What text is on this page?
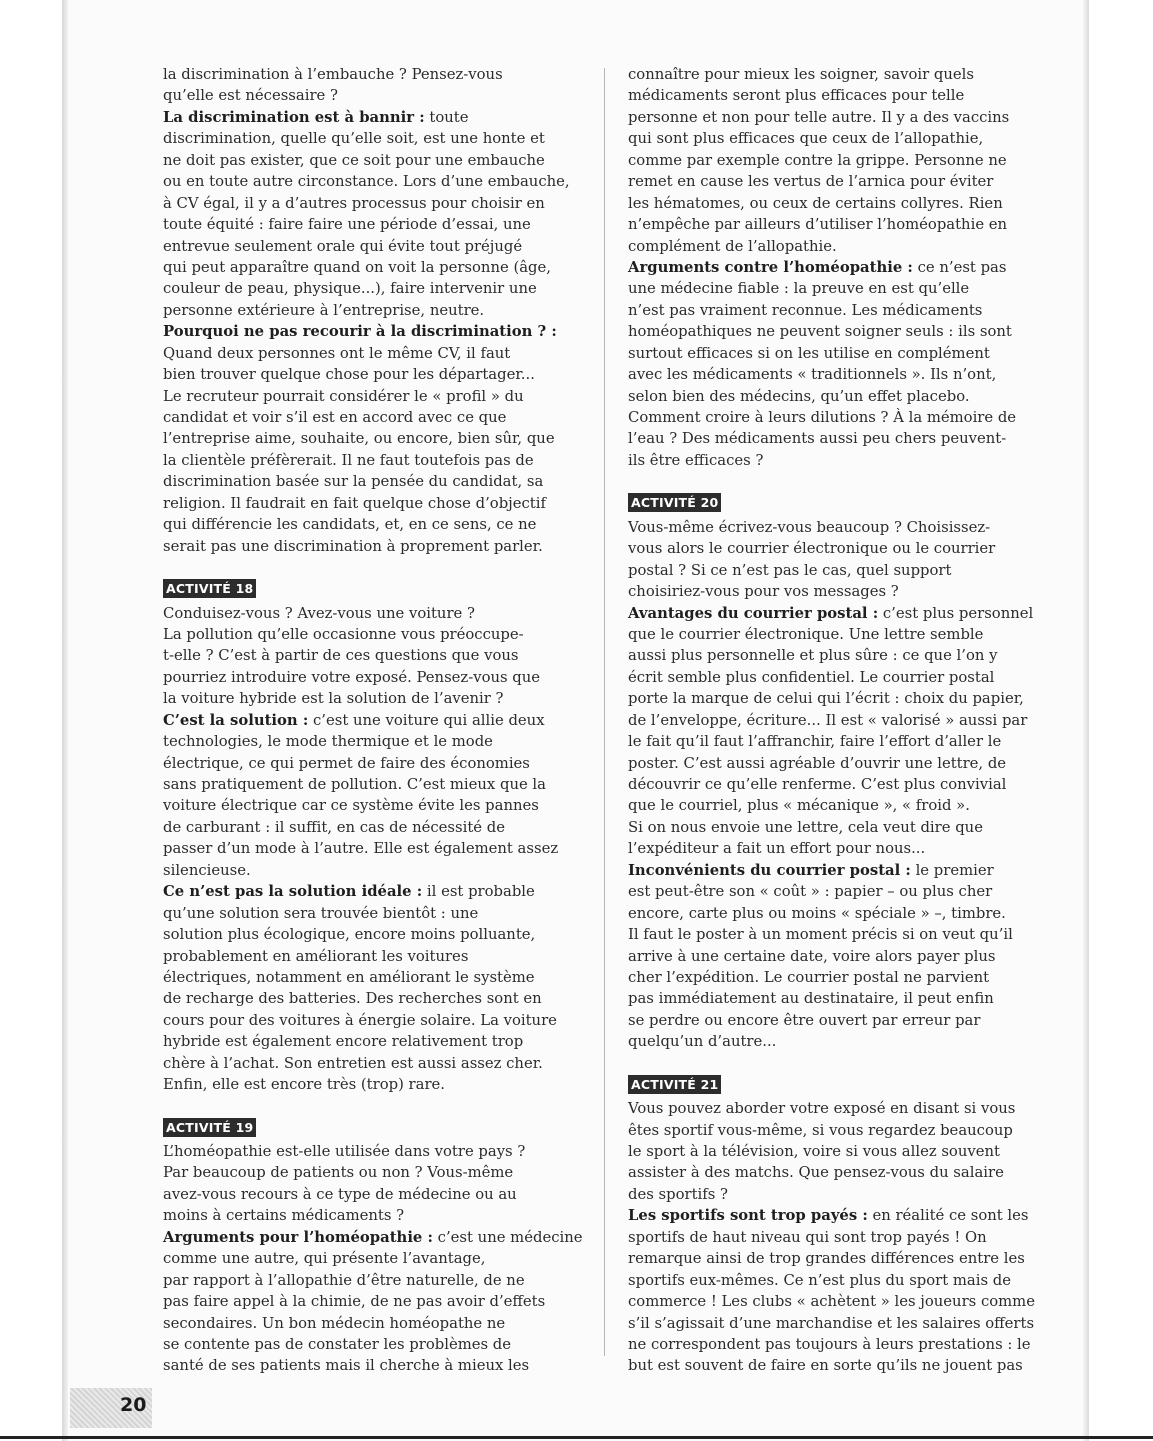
la discrimination à l’embauche ? Pensez-vous
qu’elle est nécessaire ?
La discrimination est à bannir : toute
discrimination, quelle qu’elle soit, est une honte et
ne doit pas exister, que ce soit pour une embauche
ou en toute autre circonstance. Lors d’une embauche,
à CV égal, il y a d’autres processus pour choisir en
toute équité : faire faire une période d’essai, une
entrevue seulement orale qui évite tout préjugé
qui peut apparaître quand on voit la personne (âge,
couleur de peau, physique...), faire intervenir une
personne extérieure à l’entreprise, neutre.
Pourquoi ne pas recourir à la discrimination ? :
Quand deux personnes ont le même CV, il faut
bien trouver quelque chose pour les départager...
Le recruteur pourrait considérer le « profil » du
candidat et voir s’il est en accord avec ce que
l’entreprise aime, souhaite, ou encore, bien sûr, que
la clientèle préfèrerait. Il ne faut toutefois pas de
discrimination basée sur la pensée du candidat, sa
religion. Il faudrait en fait quelque chose d’objectif
qui différencie les candidats, et, en ce sens, ce ne
serait pas une discrimination à proprement parler.
ACTIVITÉ 18
Conduisez-vous ? Avez-vous une voiture ?
La pollution qu’elle occasionne vous préoccupe-
t-elle ? C’est à partir de ces questions que vous
pourriez introduire votre exposé. Pensez-vous que
la voiture hybride est la solution de l’avenir ?
C’est la solution : c’est une voiture qui allie deux
technologies, le mode thermique et le mode
électrique, ce qui permet de faire des économies
sans pratiquement de pollution. C’est mieux que la
voiture électrique car ce système évite les pannes
de carburant : il suffit, en cas de nécessité de
passer d’un mode à l’autre. Elle est également assez
silencieuse.
Ce n’est pas la solution idéale : il est probable
qu’une solution sera trouvée bientôt : une
solution plus écologique, encore moins polluante,
probablement en améliorant les voitures
électriques, notamment en améliorant le système
de recharge des batteries. Des recherches sont en
cours pour des voitures à énergie solaire. La voiture
hybride est également encore relativement trop
chère à l’achat. Son entretien est aussi assez cher.
Enfin, elle est encore très (trop) rare.
ACTIVITÉ 19
L’homéopathie est-elle utilisée dans votre pays ?
Par beaucoup de patients ou non ? Vous-même
avez-vous recours à ce type de médecine ou au
moins à certains médicaments ?
Arguments pour l’homéopathie : c’est une médecine
comme une autre, qui présente l’avantage,
par rapport à l’allopathie d’être naturelle, de ne
pas faire appel à la chimie, de ne pas avoir d’effets
secondaires. Un bon médecin homéopathe ne
se contente pas de constater les problèmes de
santé de ses patients mais il cherche à mieux les
connaître pour mieux les soigner, savoir quels
médicaments seront plus efficaces pour telle
personne et non pour telle autre. Il y a des vaccins
qui sont plus efficaces que ceux de l’allopathie,
comme par exemple contre la grippe. Personne ne
remet en cause les vertus de l’arnica pour éviter
les hématomes, ou ceux de certains collyres. Rien
n’empêche par ailleurs d’utiliser l’homéopathie en
complément de l’allopathie.
Arguments contre l’homéopathie : ce n’est pas
une médecine fiable : la preuve en est qu’elle
n’est pas vraiment reconnue. Les médicaments
homéopathiques ne peuvent soigner seuls : ils sont
surtout efficaces si on les utilise en complément
avec les médicaments « traditionnels ». Ils n’ont,
selon bien des médecins, qu’un effet placebo.
Comment croire à leurs dilutions ? À la mémoire de
l’eau ? Des médicaments aussi peu chers peuvent-
ils être efficaces ?
ACTIVITÉ 20
Vous-même écrivez-vous beaucoup ? Choisissez-
vous alors le courrier électronique ou le courrier
postal ? Si ce n’est pas le cas, quel support
choisiriez-vous pour vos messages ?
Avantages du courrier postal : c’est plus personnel
que le courrier électronique. Une lettre semble
aussi plus personnelle et plus sûre : ce que l’on y
écrit semble plus confidentiel. Le courrier postal
porte la marque de celui qui l’écrit : choix du papier,
de l’enveloppe, écriture... Il est « valorisé » aussi par
le fait qu’il faut l’affranchir, faire l’effort d’aller le
poster. C’est aussi agréable d’ouvrir une lettre, de
découvrir ce qu’elle renferme. C’est plus convivial
que le courriel, plus « mécanique », « froid ».
Si on nous envoie une lettre, cela veut dire que
l’expéditeur a fait un effort pour nous...
Inconvénients du courrier postal : le premier
est peut-être son « coût » : papier – ou plus cher
encore, carte plus ou moins « spéciale » –, timbre.
Il faut le poster à un moment précis si on veut qu’il
arrive à une certaine date, voire alors payer plus
cher l’expédition. Le courrier postal ne parvient
pas immédiatement au destinataire, il peut enfin
se perdre ou encore être ouvert par erreur par
quelqu’un d’autre...
ACTIVITÉ 21
Vous pouvez aborder votre exposé en disant si vous
êtes sportif vous-même, si vous regardez beaucoup
le sport à la télévision, voire si vous allez souvent
assister à des matchs. Que pensez-vous du salaire
des sportifs ?
Les sportifs sont trop payés : en réalité ce sont les
sportifs de haut niveau qui sont trop payés ! On
remarque ainsi de trop grandes différences entre les
sportifs eux-mêmes. Ce n’est plus du sport mais de
commerce ! Les clubs « achètent » les joueurs comme
s’il s’agissait d’une marchandise et les salaires offerts
ne correspondent pas toujours à leurs prestations : le
but est souvent de faire en sorte qu’ils ne jouent pas
20
